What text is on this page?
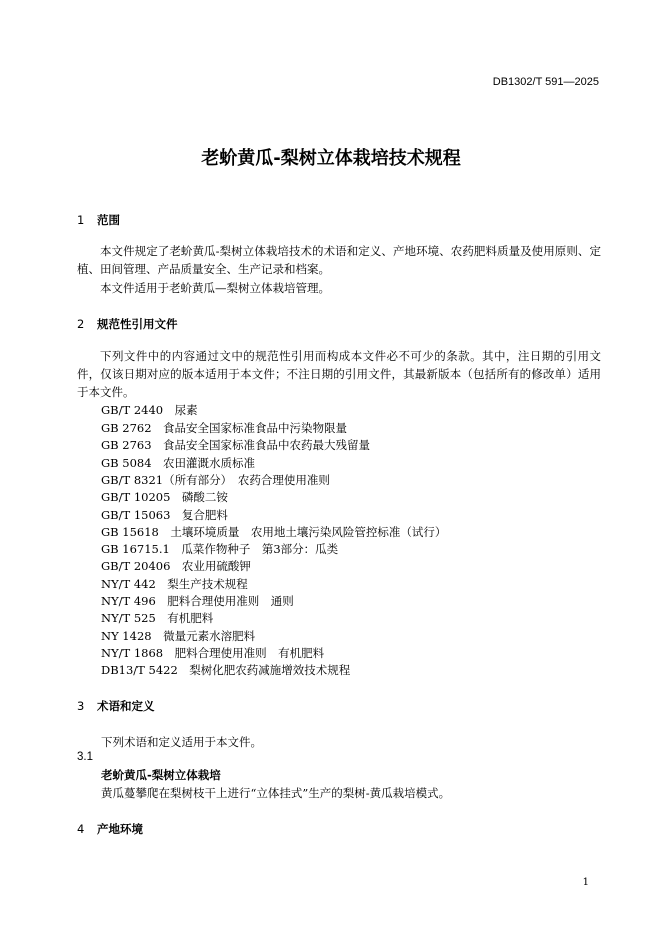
DB1302/T 591—2025
老蚧黄瓜-梨树立体栽培技术规程
1 范围
本文件规定了老蚧黄瓜-梨树立体栽培技术的术语和定义、产地环境、农药肥料质量及使用原则、定植、田间管理、产品质量安全、生产记录和档案。
本文件适用于老蚧黄瓜—梨树立体栽培管理。
2 规范性引用文件
下列文件中的内容通过文中的规范性引用而构成本文件必不可少的条款。其中，注日期的引用文件，仅该日期对应的版本适用于本文件；不注日期的引用文件，其最新版本（包括所有的修改单）适用于本文件。
GB/T 2440　尿素
GB 2762　食品安全国家标准食品中污染物限量
GB 2763　食品安全国家标准食品中农药最大残留量
GB 5084　农田灌溉水质标准
GB/T 8321（所有部分）　农药合理使用准则
GB/T 10205　磷酸二铵
GB/T 15063　复合肥料
GB 15618　土壤环境质量　农用地土壤污染风险管控标准（试行）
GB 16715.1　瓜菜作物种子　第3部分：瓜类
GB/T 20406　农业用硫酸钾
NY/T 442　梨生产技术规程
NY/T 496　肥料合理使用准则　通则
NY/T 525　有机肥料
NY 1428　微量元素水溶肥料
NY/T 1868　肥料合理使用准则　有机肥料
DB13/T 5422　梨树化肥农药减施增效技术规程
3 术语和定义
下列术语和定义适用于本文件。
3.1
老蚧黄瓜-梨树立体栽培
黄瓜蔓攀爬在梨树枝干上进行“立体挂式”生产的梨树-黄瓜栽培模式。
4 产地环境
1
